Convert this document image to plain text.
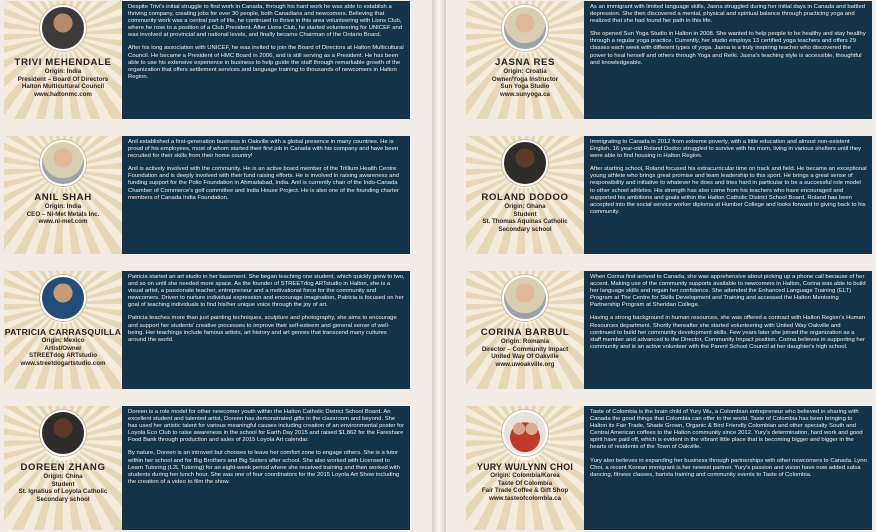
TRIVI MEHENDALE
Origin: India
President – Board Of Directors
Halton Multicultural Council
www.haltonmc.com

Despite Trivi's initial struggle to find work in Canada, through his hard work he was able to establish a thriving company, creating jobs for over 30 people, both Canadians and newcomers. Believing that community work was a central part of life, he continued to thrive in this area volunteering with Lions Club, where he rose to a position of a Club President. After Lions Club, he started volunteering for UNICEF and was involved at provincial and national levels, and finally became Chairman of the Ontario Board.

After his long association with UNICEF, he was invited to join the Board of Directors at Halton Multicultural Council. He became a President of HMC Board in 2006, and is still serving as a President. He has been able to use his extensive experience in business to help guide the staff through remarkable growth of the organization that offers settlement services and language training to thousands of newcomers in Halton Region.

ANIL SHAH
Origin: India
CEO – Ni-Met Metals Inc.
www.ni-met.com

Anil established a first-generation business in Oakville with a global presence in many countries. He is proud of his employees, most of whom started their first job in Canada with his company and have been recruited for their skills from their home country!

Anil is actively involved with the community. He is an active board member of the Trillium Health Centre Foundation and is deeply involved with their fund raising efforts. He is involved in raising awareness and funding support for the Polio Foundation in Ahmadabad, India. Anil is currently chair of the Indo-Canada Chamber of Commerce's golf committee and India House Project. He is also one of the founding charter members of Canada India Foundation.

PATRICIA CARRASQUILLA
Origin: Mexico
Artist/Owner
STREETdog ARTstudio
www.streetdogartstudio.com

Patricia started an art studio in her basement. She began teaching one student, which quickly grew to two, and so on until she needed more space. As the founder of STREETdog ARTstudio in Halton, she is a visual artist, a passionate teacher, entrepreneur and a motivational force for the community and newcomers. Driven to nurture individual expression and encourage imagination, Patricia is focused on her goal of teaching individuals to find his/her unique voice through the joy of art.

Patricia teaches more than just painting techniques, sculpture and photography, she aims to encourage and support her students' creative processes to improve their self-esteem and general sense of well-being. Her teachings include famous artists, art history and art genres that transcend many cultures around the world.

DOREEN ZHANG
Origin: China
Student
St. Ignatius of Loyola Catholic
Secondary school

Doreen is a role model for other newcomer youth within the Halton Catholic District School Board. An excellent student and talented artist, Doreen has demonstrated gifts in the classroom and beyond. She has used her artistic talent for various meaningful causes including creation of an environmental poster for Loyola Eco Club to raise awareness in the school for Earth Day 2015 and raised $1,862 for the Fareshare Food Bank through production and sales of 2015 Loyola Art calendar.

By nature, Doreen is an introvert but chooses to leave her comfort zone to engage others. She is a tutor within her school and for Big Brothers and Big Sisters after school. She also worked with Licensed to Learn Tutoring (L2L Tutoring) for an eight-week period where she received training and then worked with students during her lunch hour. She was one of four coordinators for the 2015 Loyola Art Show including the creation of a video to film the show.

JASNA RES
Origin: Croatia
Owner/Yoga Instructor
Sun Yoga Studio
www.sunyoga.ca

As an immigrant with limited language skills, Jasna struggled during her initial days in Canada and battled depression. She then discovered a mental, physical and spiritual balance through practicing yoga and realized that she had found her path in this life.

She opened Sun Yoga Studio in Halton in 2008. She wanted to help people to be healthy and stay healthy through a regular yoga practice. Currently, her studio employs 13 certified yoga teachers and offers 29 classes each week with different types of yoga. Jasna is a truly inspiring teacher who discovered the power to heal herself and others through Yoga and Reiki. Jasna's teaching style is accessible, thoughtful and knowledgeable.

ROLAND DODOO
Origin: Ghana
Student
St. Thomas Aquinas Catholic
Secondary school

Immigrating to Canada in 2012 from extreme poverty, with a little education and almost non-existent English, 16 year-old Roland Dodoo struggled to survive with his mom, living in various shelters until they were able to find housing in Halton Region.

After starting school, Roland focused his extracurricular time on track and field. He became an exceptional young athlete who brings great promise and team leadership to this sport. He brings a great sense of responsibility and initiative to whatever he does and tries hard in particular to be a successful role model to other school athletes. His strength has also come from his teachers who have encouraged and supported his ambitions and goals within the Halton Catholic District School Board. Roland has been accepted into the social service worker diploma at Humber College and looks forward to giving back to his community.

CORINA BARBUL
Origin: Romania
Director – Community Impact
United Way Of Oakville
www.uwoakville.org

When Corina first arrived to Canada, she was apprehensive about picking up a phone call because of her accent. Making use of the community supports available to newcomers in Halton, Corina was able to build her language skills and regain her confidence. She attended the Enhanced Language Training (ELT) Program at The Centre for Skills Development and Training and accessed the Halton Mentoring Partnership Program at Sheridan College.

Having a strong background in human resources, she was offered a contract with Halton Region's Human Resources department. Shortly thereafter she started volunteering with United Way Oakville and continued to build her community development skills. Few years later she joined the organization as a staff member and advanced to the Director, Community Impact position. Corina believes in supporting her community and is an active volunteer with the Parent School Council at her daughter's high school.

YURY WU/LYNN CHOI
Origin: Colombia/Korea
Taste Of Colombia
Fair Trade Coffee & Gift Shop
www.tasteofcolombia.ca

Taste of Colombia is the brain child of Yury Wu, a Colombian entrepreneur who believed in sharing with Canada the good things that Colombia can offer to the world. Taste of Colombia has been bringing to Halton its Fair Trade, Shade Grown, Organic & Bird Friendly Colombian and other specialty South and Central American coffees to the Halton community since 2012. Yury's determination, hard work and good spirit have paid off, which is evident in the vibrant little place that is becoming bigger and bigger in the hearts of residents of the Town of Oakville.

Yury also believes in expanding her business through partnerships with other newcomers to Canada. Lynn Choi, a recent Korean immigrant is her newest partner. Yury's passion and vision have now added salsa dancing, fitness classes, barista training and community events to Taste of Colombia.
